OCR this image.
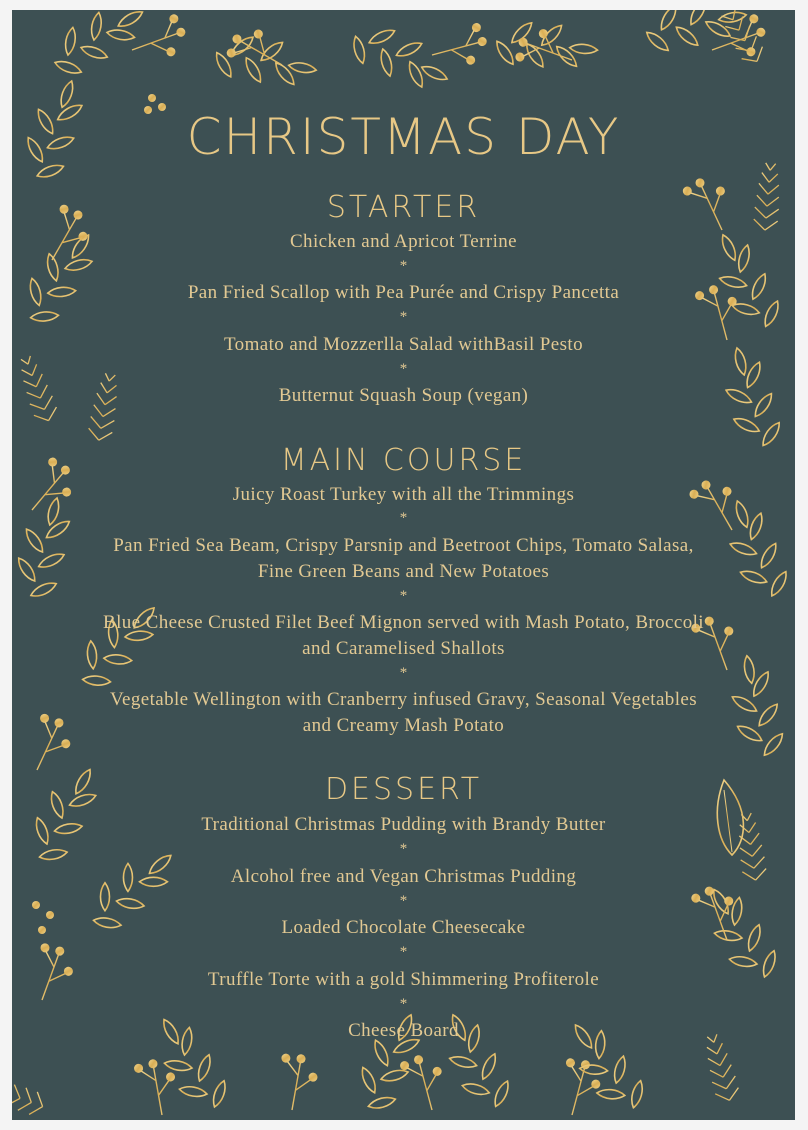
CHRISTMAS DAY
STARTER
Chicken and Apricot Terrine
*
Pan Fried Scallop with Pea Purée and Crispy Pancetta
*
Tomato and Mozzerlla Salad withBasil Pesto
*
Butternut Squash Soup (vegan)
MAIN COURSE
Juicy Roast Turkey with all the Trimmings
*
Pan Fried Sea Beam, Crispy Parsnip and Beetroot Chips, Tomato Salasa, Fine Green Beans and New Potatoes
*
Blue Cheese Crusted Filet Beef Mignon served with Mash Potato, Broccoli and Caramelised Shallots
*
Vegetable Wellington with Cranberry infused Gravy, Seasonal Vegetables and Creamy Mash Potato
DESSERT
Traditional Christmas Pudding with Brandy Butter
*
Alcohol free and Vegan Christmas Pudding
*
Loaded Chocolate Cheesecake
*
Truffle Torte with a gold Shimmering Profiterole
*
Cheese Board
